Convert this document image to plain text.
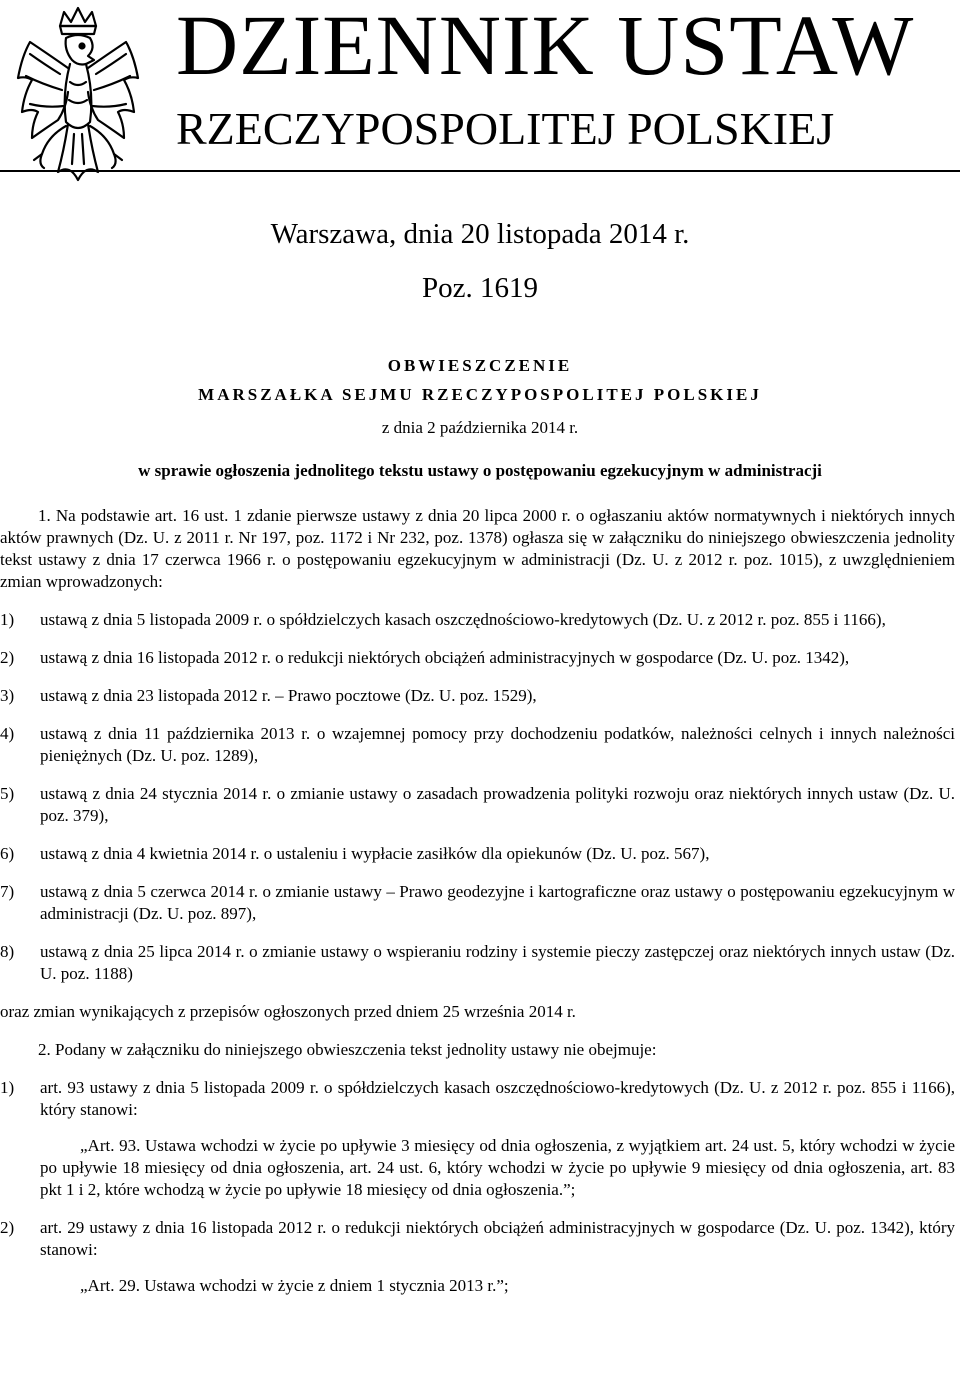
DZIENNIK USTAW
RZECZYPOSPOLITEJ POLSKIEJ
Warszawa, dnia 20 listopada 2014 r.
Poz. 1619
OBWIESZCZENIE
MARSZAŁKA SEJMU RZECZYPOSPOLITEJ POLSKIEJ
z dnia 2 października 2014 r.
w sprawie ogłoszenia jednolitego tekstu ustawy o postępowaniu egzekucyjnym w administracji

1. Na podstawie art. 16 ust. 1 zdanie pierwsze ustawy z dnia 20 lipca 2000 r. o ogłaszaniu aktów normatywnych i niektórych innych aktów prawnych (Dz. U. z 2011 r. Nr 197, poz. 1172 i Nr 232, poz. 1378) ogłasza się w załączniku do niniejszego obwieszczenia jednolity tekst ustawy z dnia 17 czerwca 1966 r. o postępowaniu egzekucyjnym w administracji (Dz. U. z 2012 r. poz. 1015), z uwzględnieniem zmian wprowadzonych:

1)	ustawą z dnia 5 listopada 2009 r. o spółdzielczych kasach oszczędnościowo-kredytowych (Dz. U. z 2012 r. poz. 855 i 1166),
2)	ustawą z dnia 16 listopada 2012 r. o redukcji niektórych obciążeń administracyjnych w gospodarce (Dz. U. poz. 1342),
3)	ustawą z dnia 23 listopada 2012 r. – Prawo pocztowe (Dz. U. poz. 1529),
4)	ustawą z dnia 11 października 2013 r. o wzajemnej pomocy przy dochodzeniu podatków, należności celnych i innych należności pieniężnych (Dz. U. poz. 1289),
5)	ustawą z dnia 24 stycznia 2014 r. o zmianie ustawy o zasadach prowadzenia polityki rozwoju oraz niektórych innych ustaw (Dz. U. poz. 379),
6)	ustawą z dnia 4 kwietnia 2014 r. o ustaleniu i wypłacie zasiłków dla opiekunów (Dz. U. poz. 567),
7)	ustawą z dnia 5 czerwca 2014 r. o zmianie ustawy – Prawo geodezyjne i kartograficzne oraz ustawy o postępowaniu egzekucyjnym w administracji (Dz. U. poz. 897),
8)	ustawą z dnia 25 lipca 2014 r. o zmianie ustawy o wspieraniu rodziny i systemie pieczy zastępczej oraz niektórych innych ustaw (Dz. U. poz. 1188)

oraz zmian wynikających z przepisów ogłoszonych przed dniem 25 września 2014 r.

2. Podany w załączniku do niniejszego obwieszczenia tekst jednolity ustawy nie obejmuje:

1)	art. 93 ustawy z dnia 5 listopada 2009 r. o spółdzielczych kasach oszczędnościowo-kredytowych (Dz. U. z 2012 r. poz. 855 i 1166), który stanowi:

„Art. 93. Ustawa wchodzi w życie po upływie 3 miesięcy od dnia ogłoszenia, z wyjątkiem art. 24 ust. 5, który wchodzi w życie po upływie 18 miesięcy od dnia ogłoszenia, art. 24 ust. 6, który wchodzi w życie po upływie 9 miesięcy od dnia ogłoszenia, art. 83 pkt 1 i 2, które wchodzą w życie po upływie 18 miesięcy od dnia ogłoszenia.”;

2)	art. 29 ustawy z dnia 16 listopada 2012 r. o redukcji niektórych obciążeń administracyjnych w gospodarce (Dz. U. poz. 1342), który stanowi:

„Art. 29. Ustawa wchodzi w życie z dniem 1 stycznia 2013 r.”;
